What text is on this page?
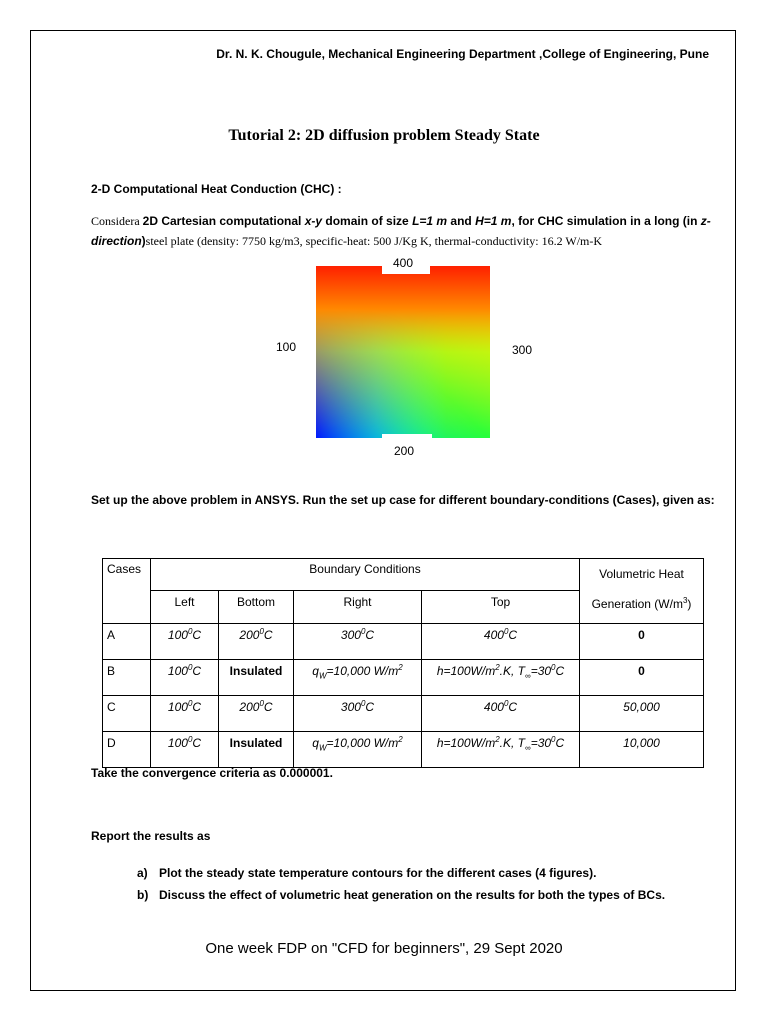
Dr. N. K. Chougule, Mechanical Engineering Department ,College of Engineering, Pune
Tutorial 2: 2D diffusion problem Steady State
2-D Computational Heat Conduction (CHC) :
Considera 2D Cartesian computational x-y domain of size L=1 m and H=1 m, for CHC simulation in a long (in z-direction)steel plate (density: 7750 kg/m3, specific-heat: 500 J/Kg K, thermal-conductivity: 16.2 W/m-K
400
100	300
200
Set up the above problem in ANSYS. Run the set up case for different boundary-conditions (Cases), given as:
Cases	Boundary Conditions				Volumetric Heat
Generation $(W/m^3)$
	Left	Bottom	Right	Top	
A	$100^0C$	$200^0C$	$300^0C$	$400^0C$	0
B	$100^0C$	Insulated	$q_W=10,000$ $W/m^2$	$h=100W/m^2.K$, $T_\infty=30^0C$	0
C	$100^0C$	$200^0C$	$300^0C$	$400^0C$	50,000
D	$100^0C$	Insulated	$q_W=10,000$ $W/m^2$	$h=100W/m^2.K$, $T_\infty=30^0C$	10,000
Take the convergence criteria as 0.000001.
Report the results as
a) Plot the steady state temperature contours for the different cases (4 figures).
b) Discuss the effect of volumetric heat generation on the results for both the types of BCs.
One week FDP on "CFD for beginners", 29 Sept 2020
